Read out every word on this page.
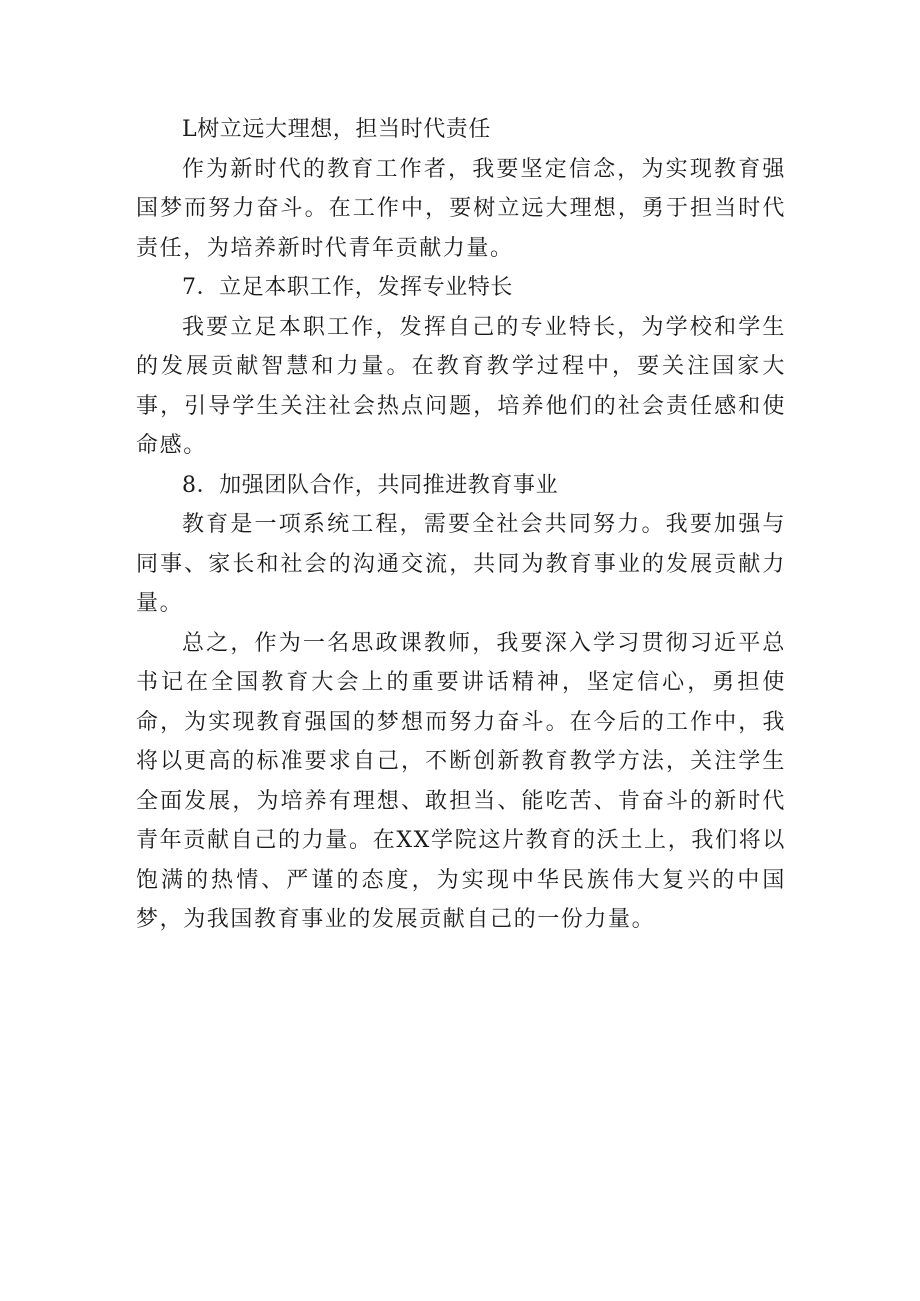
L树立远大理想，担当时代责任

作为新时代的教育工作者，我要坚定信念，为实现教育强国梦而努力奋斗。在工作中，要树立远大理想，勇于担当时代责任，为培养新时代青年贡献力量。

7．立足本职工作，发挥专业特长

我要立足本职工作，发挥自己的专业特长，为学校和学生的发展贡献智慧和力量。在教育教学过程中，要关注国家大事，引导学生关注社会热点问题，培养他们的社会责任感和使命感。

8．加强团队合作，共同推进教育事业

教育是一项系统工程，需要全社会共同努力。我要加强与同事、家长和社会的沟通交流，共同为教育事业的发展贡献力量。

总之，作为一名思政课教师，我要深入学习贯彻习近平总书记在全国教育大会上的重要讲话精神，坚定信心，勇担使命，为实现教育强国的梦想而努力奋斗。在今后的工作中，我将以更高的标准要求自己，不断创新教育教学方法，关注学生全面发展，为培养有理想、敢担当、能吃苦、肯奋斗的新时代青年贡献自己的力量。在XX学院这片教育的沃土上，我们将以饱满的热情、严谨的态度，为实现中华民族伟大复兴的中国梦，为我国教育事业的发展贡献自己的一份力量。
